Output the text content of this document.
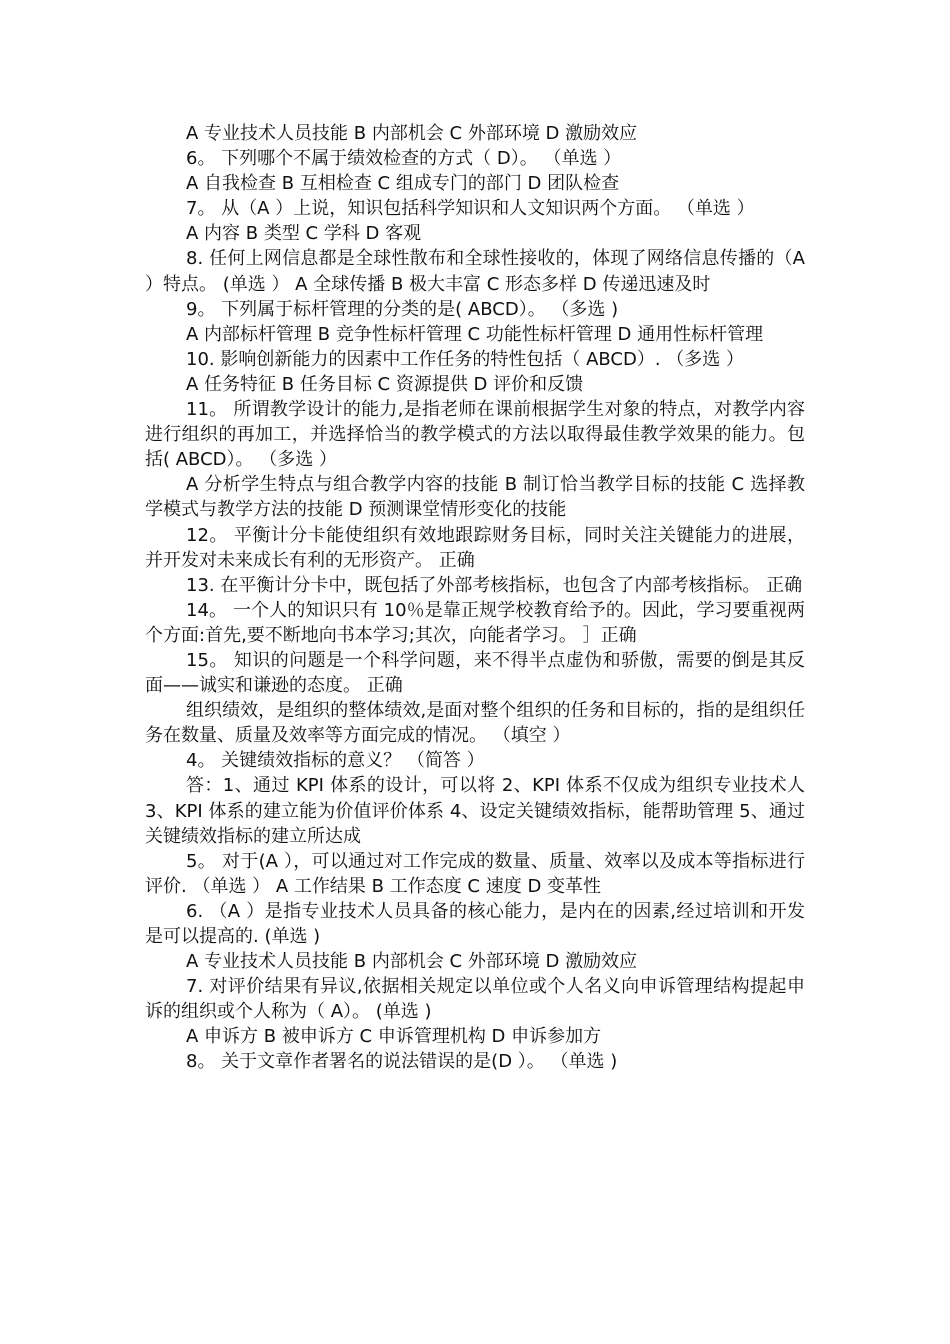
A 专业技术人员技能 B 内部机会 C 外部环境 D 激励效应

6。 下列哪个不属于绩效检查的方式（ D）。 （单选 ）

A 自我检查 B 互相检查 C 组成专门的部门 D 团队检查

7。 从（A ）上说，知识包括科学知识和人文知识两个方面。 （单选 ）

A 内容 B 类型 C 学科 D 客观

8. 任何上网信息都是全球性散布和全球性接收的，体现了网络信息传播的（A ）特点。 (单选 ） A 全球传播 B 极大丰富 C 形态多样 D 传递迅速及时

9。 下列属于标杆管理的分类的是( ABCD）。 （多选 )

A 内部标杆管理 B 竞争性标杆管理 C 功能性标杆管理 D 通用性标杆管理

10. 影响创新能力的因素中工作任务的特性包括（ ABCD）. （多选 ）

A 任务特征 B 任务目标 C 资源提供 D 评价和反馈

11。 所谓教学设计的能力,是指老师在课前根据学生对象的特点，对教学内容进行组织的再加工，并选择恰当的教学模式的方法以取得最佳教学效果的能力。包括( ABCD）。 （多选 ）

A 分析学生特点与组合教学内容的技能 B 制订恰当教学目标的技能 C 选择教学模式与教学方法的技能 D 预测课堂情形变化的技能

12。 平衡计分卡能使组织有效地跟踪财务目标，同时关注关键能力的进展，并开发对未来成长有利的无形资产。 正确

13. 在平衡计分卡中，既包括了外部考核指标，也包含了内部考核指标。 正确

14。 一个人的知识只有 10％是靠正规学校教育给予的。因此，学习要重视两个方面:首先,要不断地向书本学习;其次，向能者学习。 ］正确

15。 知识的问题是一个科学问题，来不得半点虚伪和骄傲，需要的倒是其反面——诚实和谦逊的态度。 正确

组织绩效，是组织的整体绩效,是面对整个组织的任务和目标的，指的是组织任务在数量、质量及效率等方面完成的情况。 （填空 ）

4。 关键绩效指标的意义？ （简答 ）

答：1、通过 KPI 体系的设计，可以将 2、KPI 体系不仅成为组织专业技术人 3、KPI 体系的建立能为价值评价体系 4、设定关键绩效指标，能帮助管理 5、通过关键绩效指标的建立所达成

5。 对于(A ），可以通过对工作完成的数量、质量、效率以及成本等指标进行评价. （单选 ） A 工作结果 B 工作态度 C 速度 D 变革性

6. （A ）是指专业技术人员具备的核心能力，是内在的因素,经过培训和开发是可以提高的. (单选 )

A 专业技术人员技能 B 内部机会 C 外部环境 D 激励效应

7. 对评价结果有异议,依据相关规定以单位或个人名义向申诉管理结构提起申诉的组织或个人称为（ A）。 (单选 )

A 申诉方 B 被申诉方 C 申诉管理机构 D 申诉参加方

8。 关于文章作者署名的说法错误的是(D ）。 （单选 )
